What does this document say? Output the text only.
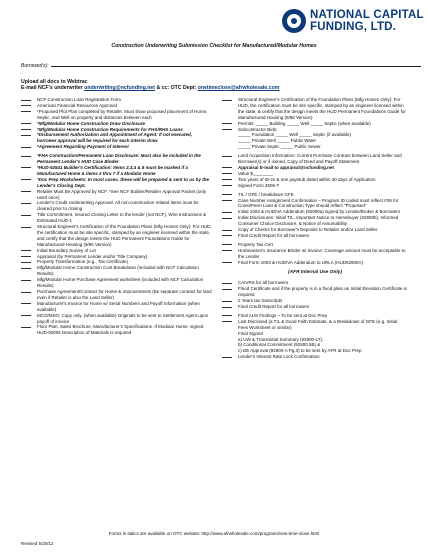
NATIONAL CAPITAL
FUNDING, LTD.
Construction Underwriting Submission Checklist for Manufactured/Modular Homes
Borrower(s):
Upload all docs to Webtrac
E-mail NCF’s underwriter underwriting@ncfunding.net & cc: OTC Dept: onetimeclose@afrwholesale.com
NCF Construction Loan Registration Form
American Financial Resources Approval
*Proposed Plot Plan completed by Retailer. Must show proposed placement of Home, Septic, and Well on property and distances between each
*Mfg/Modular Home Construction Draw Disclosure
*Mfg/Modular Home Construction Requirements for FHA/RHS Loans
*Disbursement Authorization and Appointment of Agent: If not executed, borrower approval will be required for each interim draw
*Agreement Regarding Payment of Interest
*FHA Construction/Permanent Loan Disclosure: Must also be included in the Permanent Lender's HUD Case Binder
*HUD-92541 Builder's Certification: Items 2,3,4 & 8 must be marked if a Manufactured Home & items 2 thru 7 if a Modular Home
*Doc Prep Worksheets: In most cases, these will be prepared & sent to us by the Lender's Closing Dept.
Retailer Must Be Approved by NCF. *See NCF Builder/Retailer Approval Packet (only need once)
Lender's Credit Underwriting Approval. All non-construction related items must be cleared prior to closing
Title Commitment, Insured Closing Letter to the lender (not NCF), Wire Instructions & Estimated HUD-1
Structural Engineer's Certification of the Foundation Plans (Mfg Homes Only): For HUD, the certification must be site specific, stamped by an engineer licensed within the state, and certify that the design meets the HUD Permanent Foundations Guide for Manufactured Housing (9/96 Version)
Initial Boundary Survey of Lot
Appraisal (by Permanent Lender and/or Title Company)
Property Transformation (e.g., Tax Certificate)
Mfg/Modular Home Construction Cost Breakdown (included with NCF Calculation Results)
Mfg/Modular Home Purchase Agreement worksheet (included with NCF Calculation Results)
Purchase Agreement/Contract for Home & Improvements (Be separate contract for land even if Retailer is also the Land Seller)
Manufacturer's Invoice for Home w/ Serial Numbers and Payoff Information (when available)
MCO/MSO: Copy only. (when available) Originals to be sent to Settlement Agent upon payoff of invoice
Floor Plan, Sales Brochure, Manufacturer's Specifications. If Modular Home, signed HUD-92005 Description of Materials is required
Structural Engineer's Certification of the Foundation Plans (Mfg Homes Only): For HUD, the certification must be site specific, stamped by an engineer licensed within the state, & certify that the design meets the HUD Permanent Foundations Guide for Manufactured Housing (9/96 Version)
Permits: _____ Building _____ Well _____ Septic (when available)
Subcontractor Bids:
_____ Foundation _____ Well _____ Septic (if available)
_____ Private Well _____ Public Water
_____ Private Septic _____ Public Sewer
Land Acquisition Information: Current Purchase Contract between Land Seller and Borrower(s) or if owned, Copy of Deed and Payoff Statement
Appraisal E-mail to appraisal@ncfunding.net
Value $________
Two years of W-2s & one paystub dated within 30 days of Application
Signed Form 4506-T
TIL / GFE / breakdown GFE
Case Number Assignment Confirmation – Program ID coded must reflect #36 for Const/Perm Loan & Construction Type should reflect "Proposed"
Initial 1003 & HUD/VA Addendum (92900a) signed by Lender/Broker & Borrowers
Initial Disclosures: Initial TIL, Important Notice to Homebuyer (92900b), Informed Consumer Choice Disclosure, & Notice of Assumability
Copy of Checks for Borrower's Deposits to Retailer and/or Land Seller
Final Credit Report for all borrowers
Property Tax Cert
Homeowner's Insurance Binder w/ Invoice: Coverage amount must be acceptable to the Lender
Final Form 1003 & HUD/VA Addendum to URLA (HUD92900A)
(AFR Internal Use Only)
CAIVRS for all borrowers
Flood Certificate and if the property is in a flood plain an Initial Elevation Certificate is required
2 Years tax transcripts
Final Credit Report for all borrowers
Final AUS Findings – To be sent at Doc Prep
Last Disclosed (a TIL & Good Faith Estimate, & a Breakdown of GFE (e.g. Initial Fees Worksheet or similar)
Final Signed
a) UW & Transmittal Summary (92900-LT),
b) Conditional Commitment (92800.5B) &
c) DE Approval (92900-A Pg.3) to be sent by AFR at Doc Prep
Lender's Interest Rate Lock Confirmation
Forms in italics are available on OTC website: http://www.afrwholesale.com/programs/one-time-close.html
Revised 5/20/12
